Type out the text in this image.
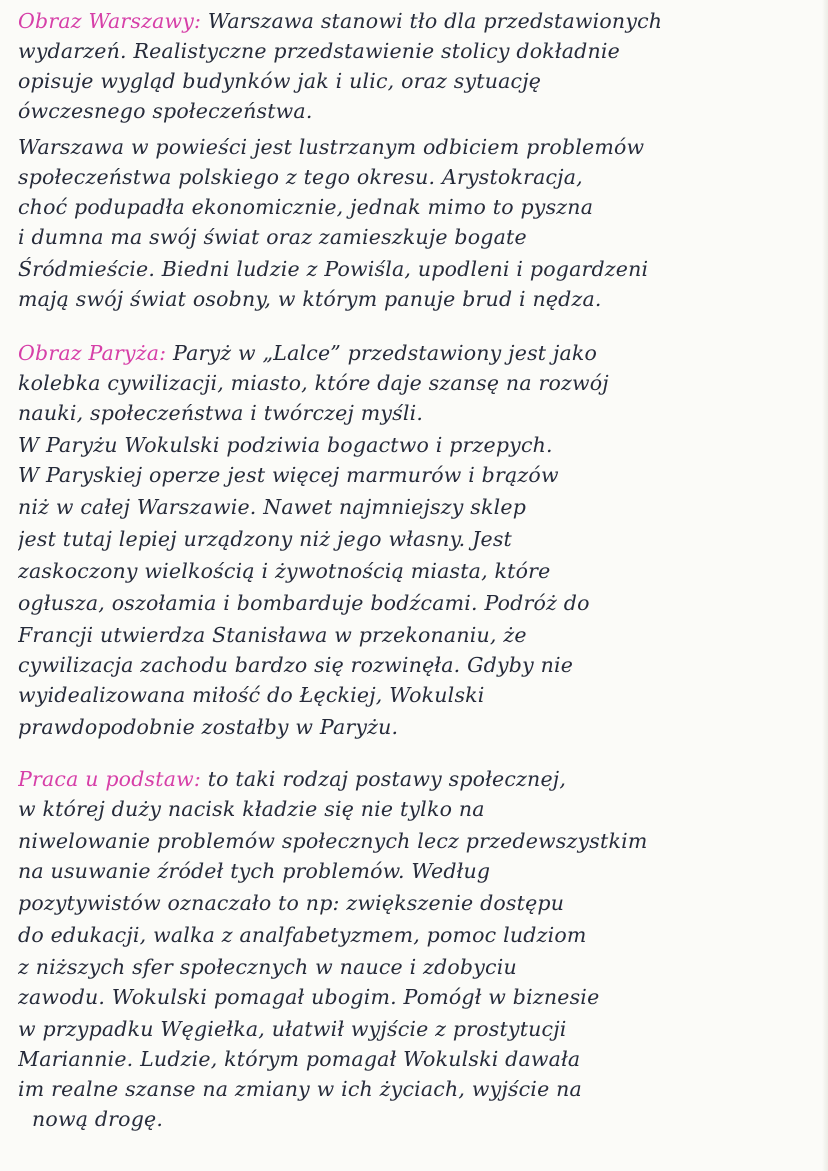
Obraz Warszawy: Warszawa stanowi tło dla przedstawionych
wydarzeń. Realistyczne przedstawienie stolicy dokładnie
opisuje wygląd budynków jak i ulic, oraz sytuację
ówczesnego społeczeństwa.
Warszawa w powieści jest lustrzanym odbiciem problemów
społeczeństwa polskiego z tego okresu. Arystokracja,
choć podupadła ekonomicznie, jednak mimo to pyszna
i dumna ma swój świat oraz zamieszkuje bogate
Śródmieście. Biedni ludzie z Powiśla, upodleni i pogardzeni
mają swój świat osobny, w którym panuje brud i nędza.
Obraz Paryża: Paryż w „Lalce” przedstawiony jest jako
kolebka cywilizacji, miasto, które daje szansę na rozwój
nauki, społeczeństwa i twórczej myśli.
W Paryżu Wokulski podziwia bogactwo i przepych.
W Paryskiej operze jest więcej marmurów i brązów
niż w całej Warszawie. Nawet najmniejszy sklep
jest tutaj lepiej urządzony niż jego własny. Jest
zaskoczony wielkością i żywotnością miasta, które
ogłusza, oszołamia i bombarduje bodźcami. Podróż do
Francji utwierdza Stanisława w przekonaniu, że
cywilizacja zachodu bardzo się rozwinęła. Gdyby nie
wyidealizowana miłość do Łęckiej, Wokulski
prawdopodobnie zostałby w Paryżu.
Praca u podstaw: to taki rodzaj postawy społecznej,
w której duży nacisk kładzie się nie tylko na
niwelowanie problemów społecznych lecz przedewszystkim
na usuwanie źródeł tych problemów. Według
pozytywistów oznaczało to np: zwiększenie dostępu
do edukacji, walka z analfabetyzmem, pomoc ludziom
z niższych sfer społecznych w nauce i zdobyciu
zawodu. Wokulski pomagał ubogim. Pomógł w biznesie
w przypadku Węgiełka, ułatwił wyjście z prostytucji
Mariannie. Ludzie, którym pomagał Wokulski dawała
im realne szanse na zmiany w ich życiach, wyjście na
nową drogę.
